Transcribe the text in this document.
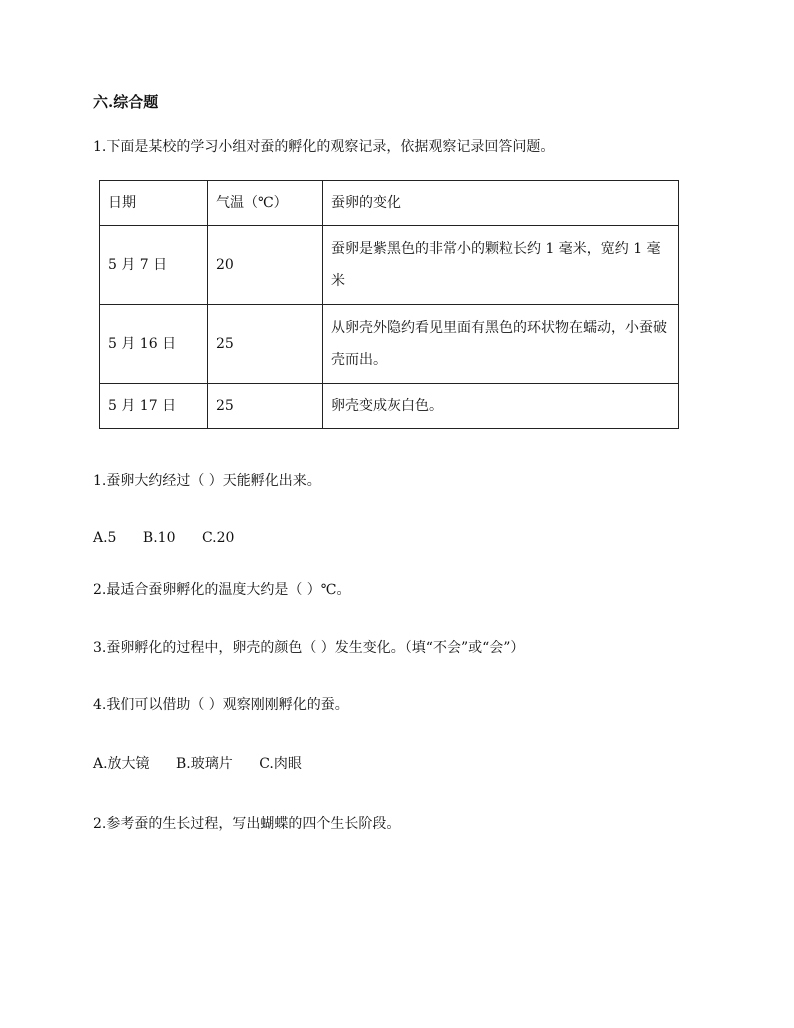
六.综合题
1.下面是某校的学习小组对蚕的孵化的观察记录，依据观察记录回答问题。
日期	气温（℃）	蚕卵的变化
5 月 7 日	20	蚕卵是紫黑色的非常小的颗粒长约 1 毫米，宽约 1 毫米
5 月 16 日	25	从卵壳外隐约看见里面有黑色的环状物在蠕动，小蚕破壳而出。
5 月 17 日	25	卵壳变成灰白色。
1.蚕卵大约经过（ ）天能孵化出来。
A.5 B.10 C.20
2.最适合蚕卵孵化的温度大约是（ ）℃。
3.蚕卵孵化的过程中，卵壳的颜色（ ）发生变化。（填“不会”或“会”）
4.我们可以借助（ ）观察刚刚孵化的蚕。
A.放大镜 B.玻璃片 C.肉眼
2.参考蚕的生长过程，写出蝴蝶的四个生长阶段。
